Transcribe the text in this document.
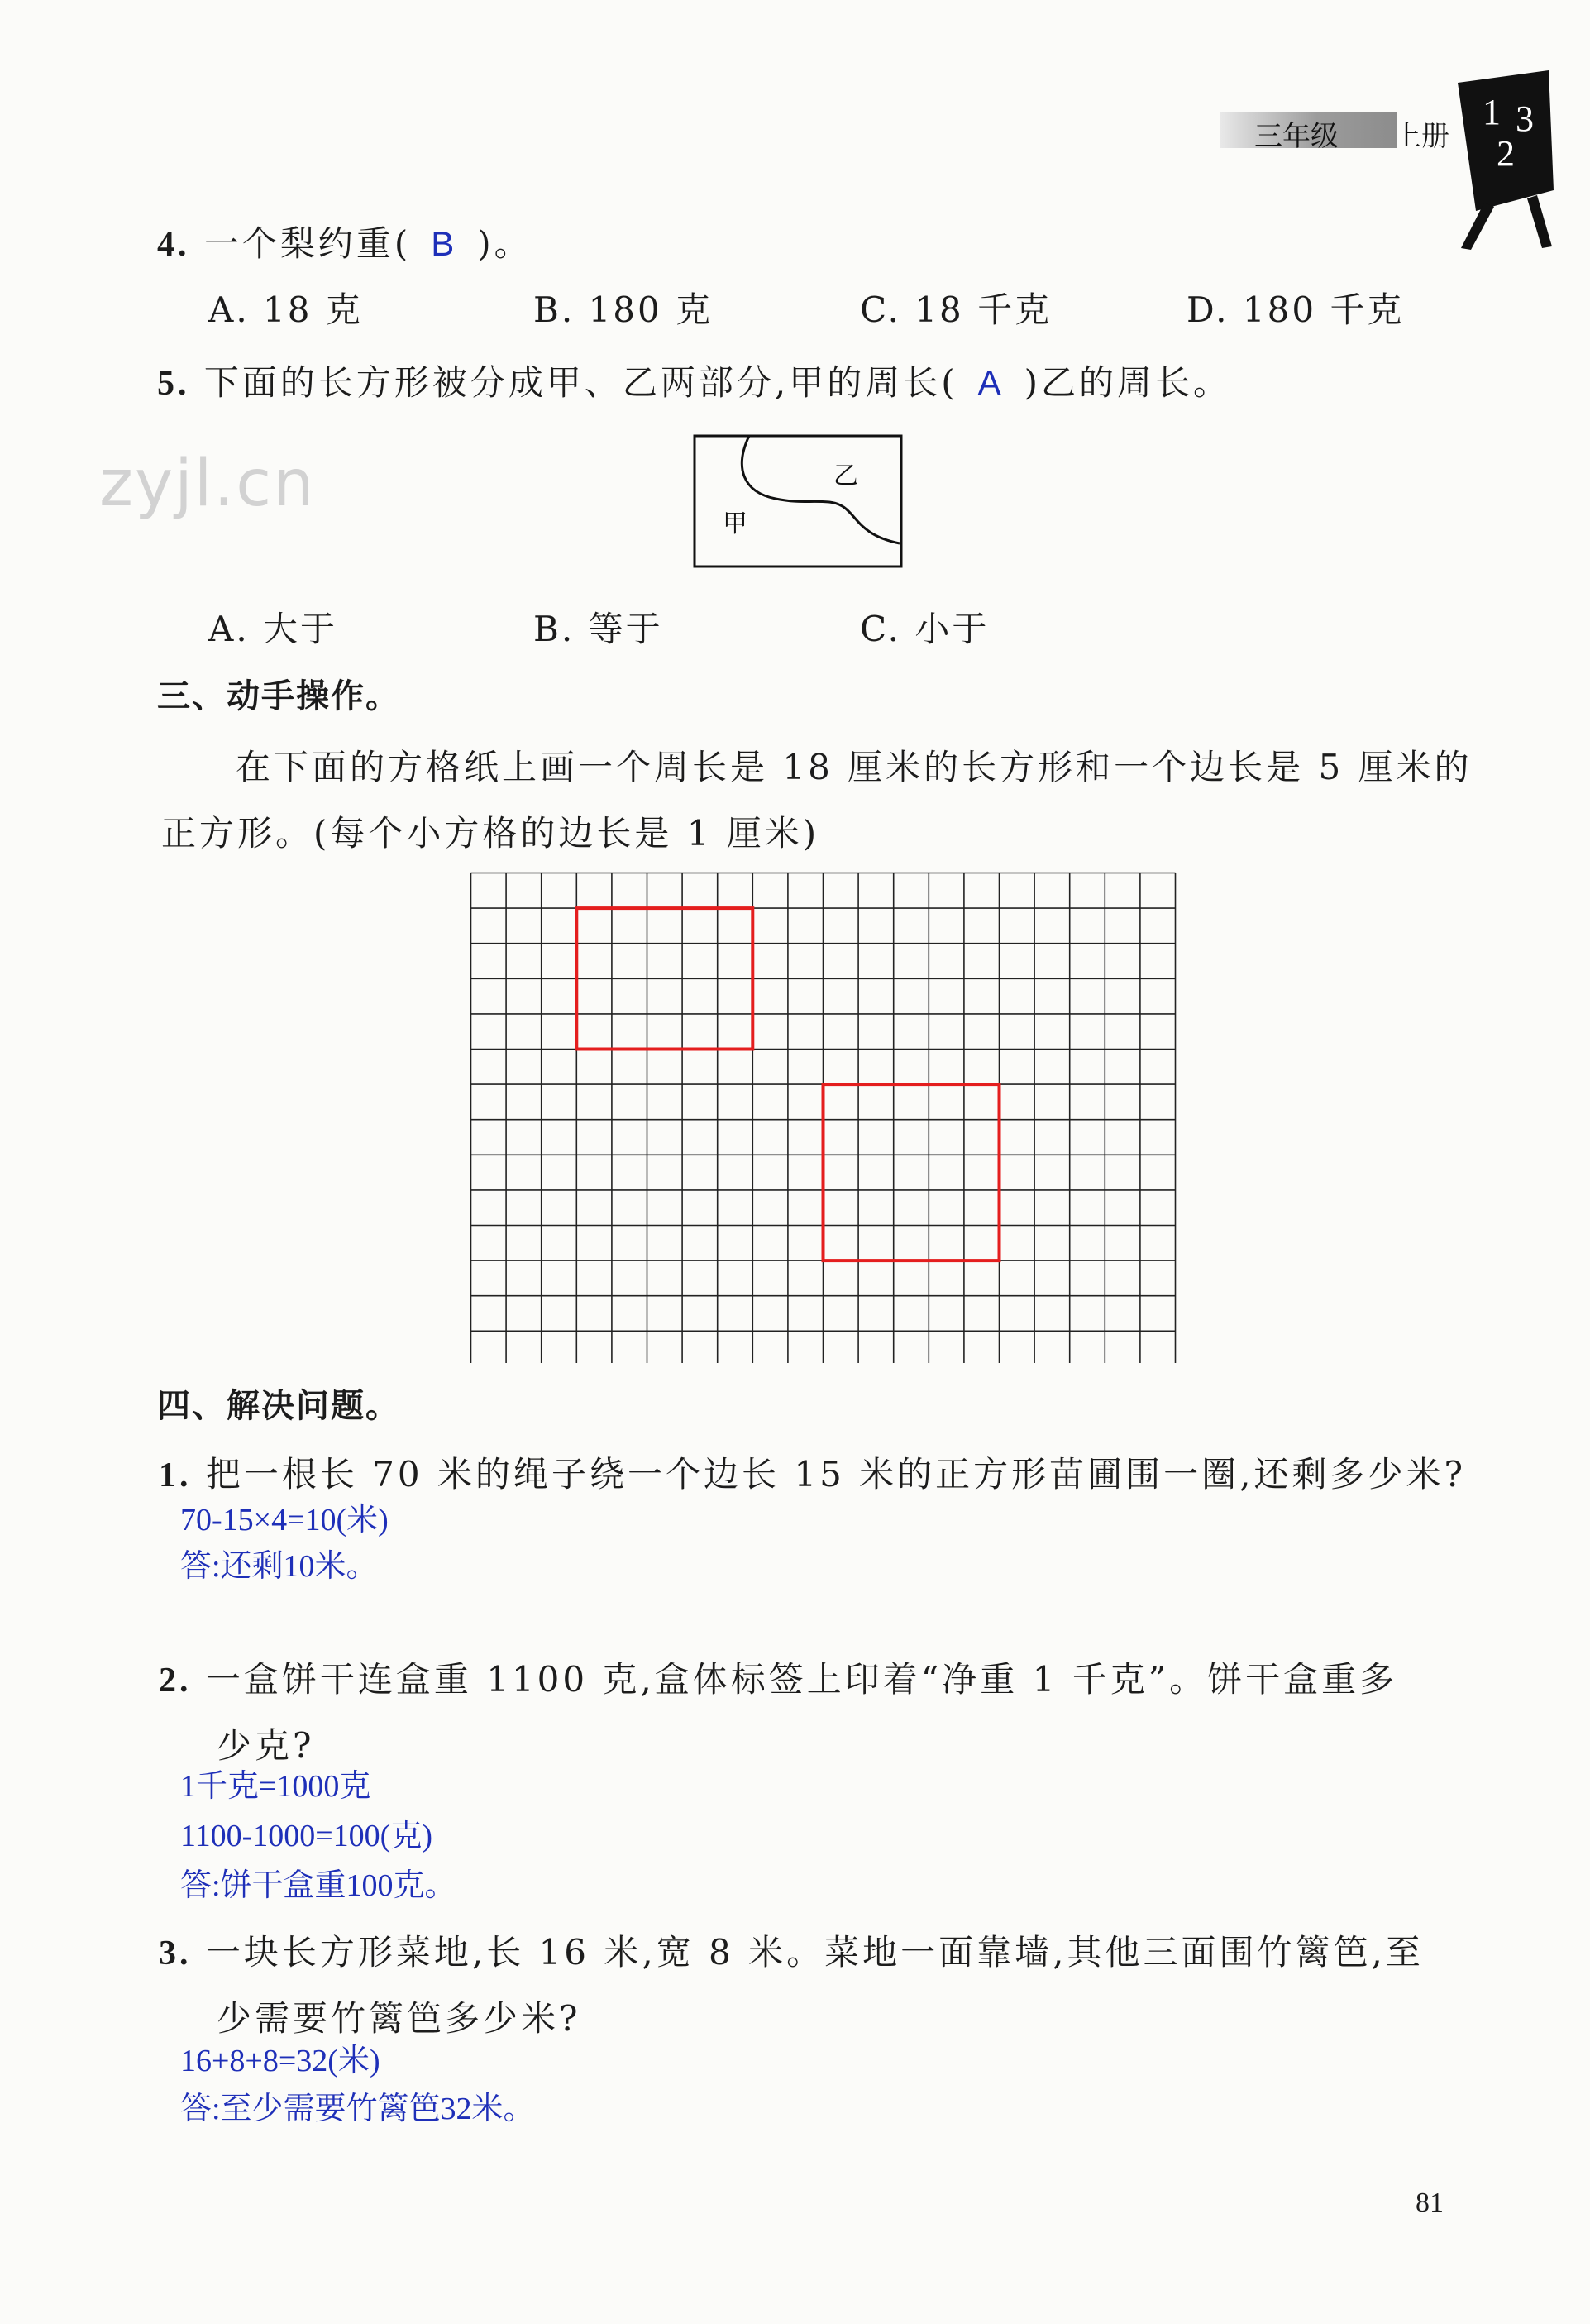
三年级 上册
1 3
2
zyjl.cn
4. 一个梨约重( B )。
A. 18 克	B. 180 克	C. 18 千克	D. 180 千克
5. 下面的长方形被分成甲、乙两部分,甲的周长( A )乙的周长。
乙
甲
A. 大于	B. 等于	C. 小于
三、动手操作。
在下面的方格纸上画一个周长是 18 厘米的长方形和一个边长是 5 厘米的
正方形。(每个小方格的边长是 1 厘米)
四、解决问题。
1. 把一根长 70 米的绳子绕一个边长 15 米的正方形苗圃围一圈,还剩多少米?
70-15×4=10(米)
答:还剩10米。
2. 一盒饼干连盒重 1100 克,盒体标签上印着“净重 1 千克”。饼干盒重多
少克?
1千克=1000克
1100-1000=100(克)
答:饼干盒重100克。
3. 一块长方形菜地,长 16 米,宽 8 米。菜地一面靠墙,其他三面围竹篱笆,至
少需要竹篱笆多少米?
16+8+8=32(米)
答:至少需要竹篱笆32米。
81
